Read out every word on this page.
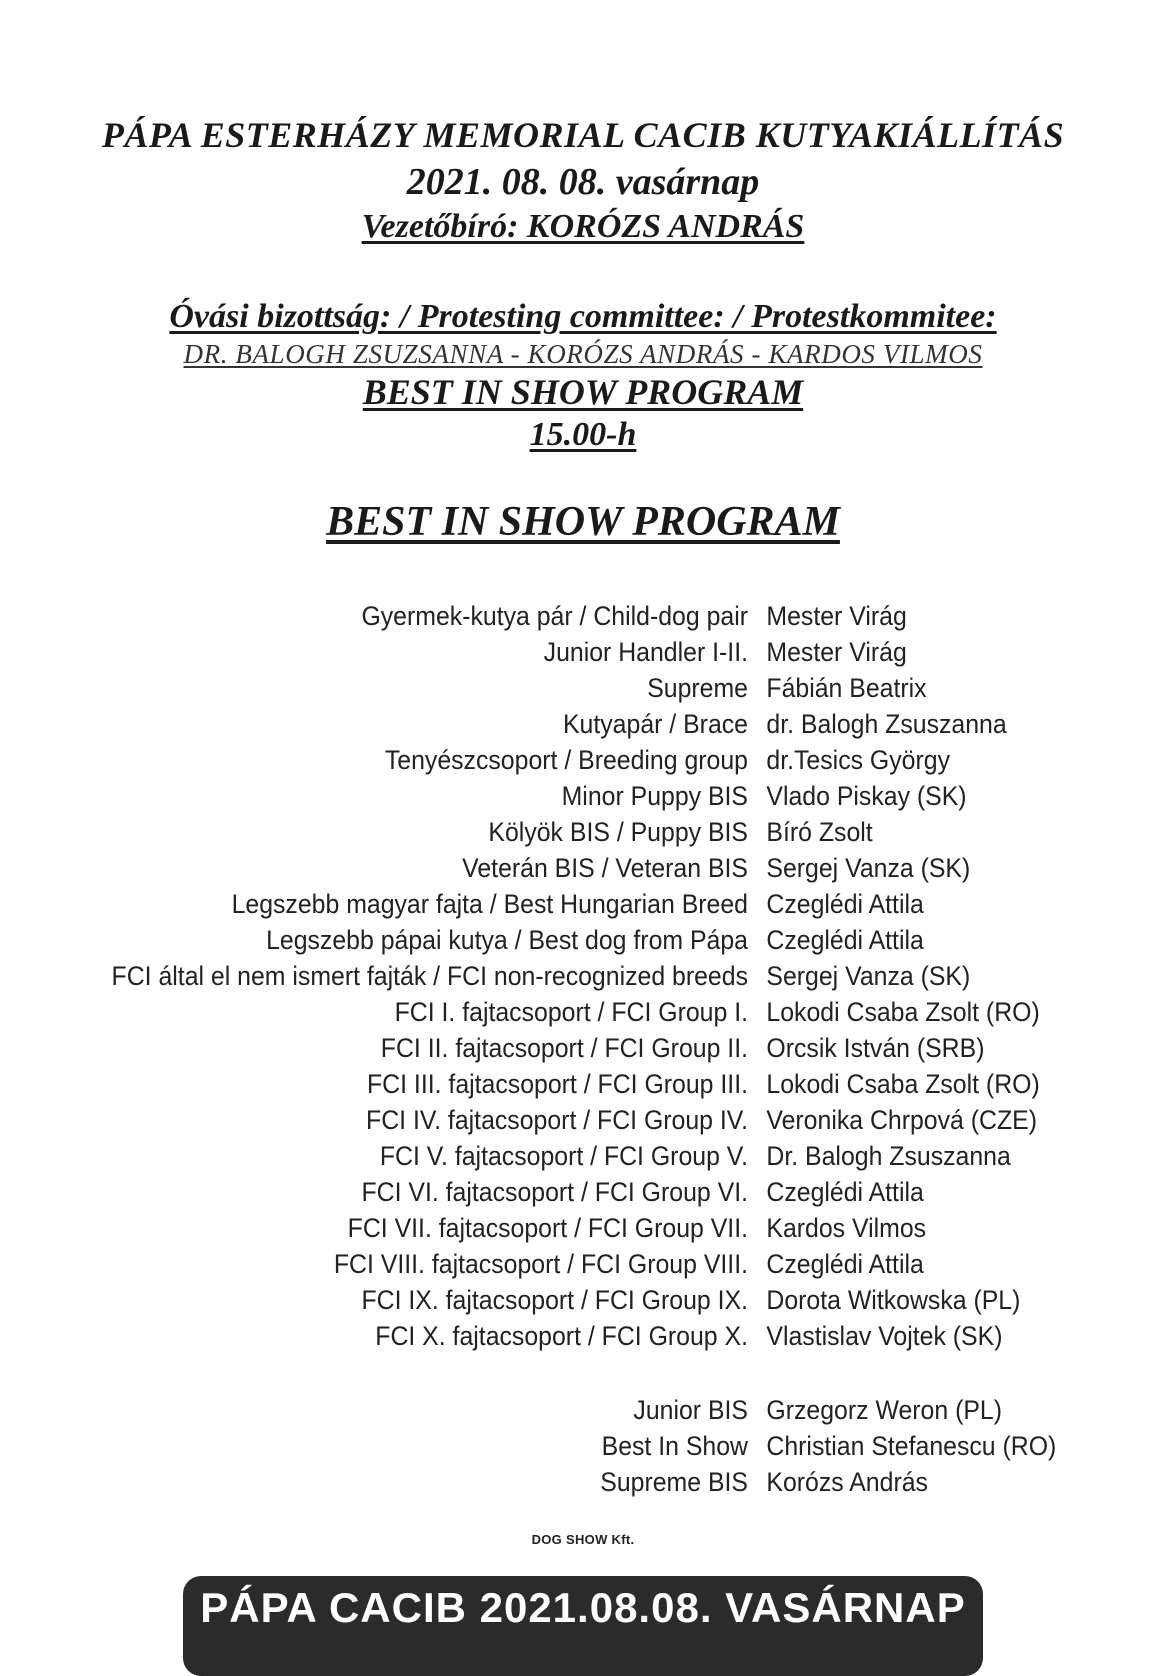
PÁPA ESTERHÁZY MEMORIAL CACIB KUTYAKIÁLLÍTÁS
2021. 08. 08. vasárnap
Vezetőbíró: KORÓZS ANDRÁS
Óvási bizottság: / Protesting committee: / Protestkommitee:
DR. BALOGH ZSUZSANNA - KORÓZS ANDRÁS - KARDOS VILMOS
BEST IN SHOW PROGRAM
15.00-h
BEST IN SHOW PROGRAM
Gyermek-kutya pár / Child-dog pair Mester Virág
Junior Handler I-II. Mester Virág
Supreme Fábián Beatrix
Kutyapár / Brace dr. Balogh Zsuszanna
Tenyészcsoport / Breeding group dr.Tesics György
Minor Puppy BIS Vlado Piskay (SK)
Kölyök BIS / Puppy BIS Bíró Zsolt
Veterán BIS / Veteran BIS Sergej Vanza (SK)
Legszebb magyar fajta / Best Hungarian Breed Czeglédi Attila
Legszebb pápai kutya / Best dog from Pápa Czeglédi Attila
FCI által el nem ismert fajták / FCI non-recognized breeds Sergej Vanza (SK)
FCI I. fajtacsoport / FCI Group I. Lokodi Csaba Zsolt (RO)
FCI II. fajtacsoport / FCI Group II. Orcsik István (SRB)
FCI III. fajtacsoport / FCI Group III. Lokodi Csaba Zsolt (RO)
FCI IV. fajtacsoport / FCI Group IV. Veronika Chrpová (CZE)
FCI V. fajtacsoport / FCI Group V. Dr. Balogh Zsuszanna
FCI VI. fajtacsoport / FCI Group VI. Czeglédi Attila
FCI VII. fajtacsoport / FCI Group VII. Kardos Vilmos
FCI VIII. fajtacsoport / FCI Group VIII. Czeglédi Attila
FCI IX. fajtacsoport / FCI Group IX. Dorota Witkowska (PL)
FCI X. fajtacsoport / FCI Group X. Vlastislav Vojtek (SK)
Junior BIS Grzegorz Weron (PL)
Best In Show Christian Stefanescu (RO)
Supreme BIS Korózs András
DOG SHOW Kft.
PÁPA CACIB 2021.08.08. VASÁRNAP
